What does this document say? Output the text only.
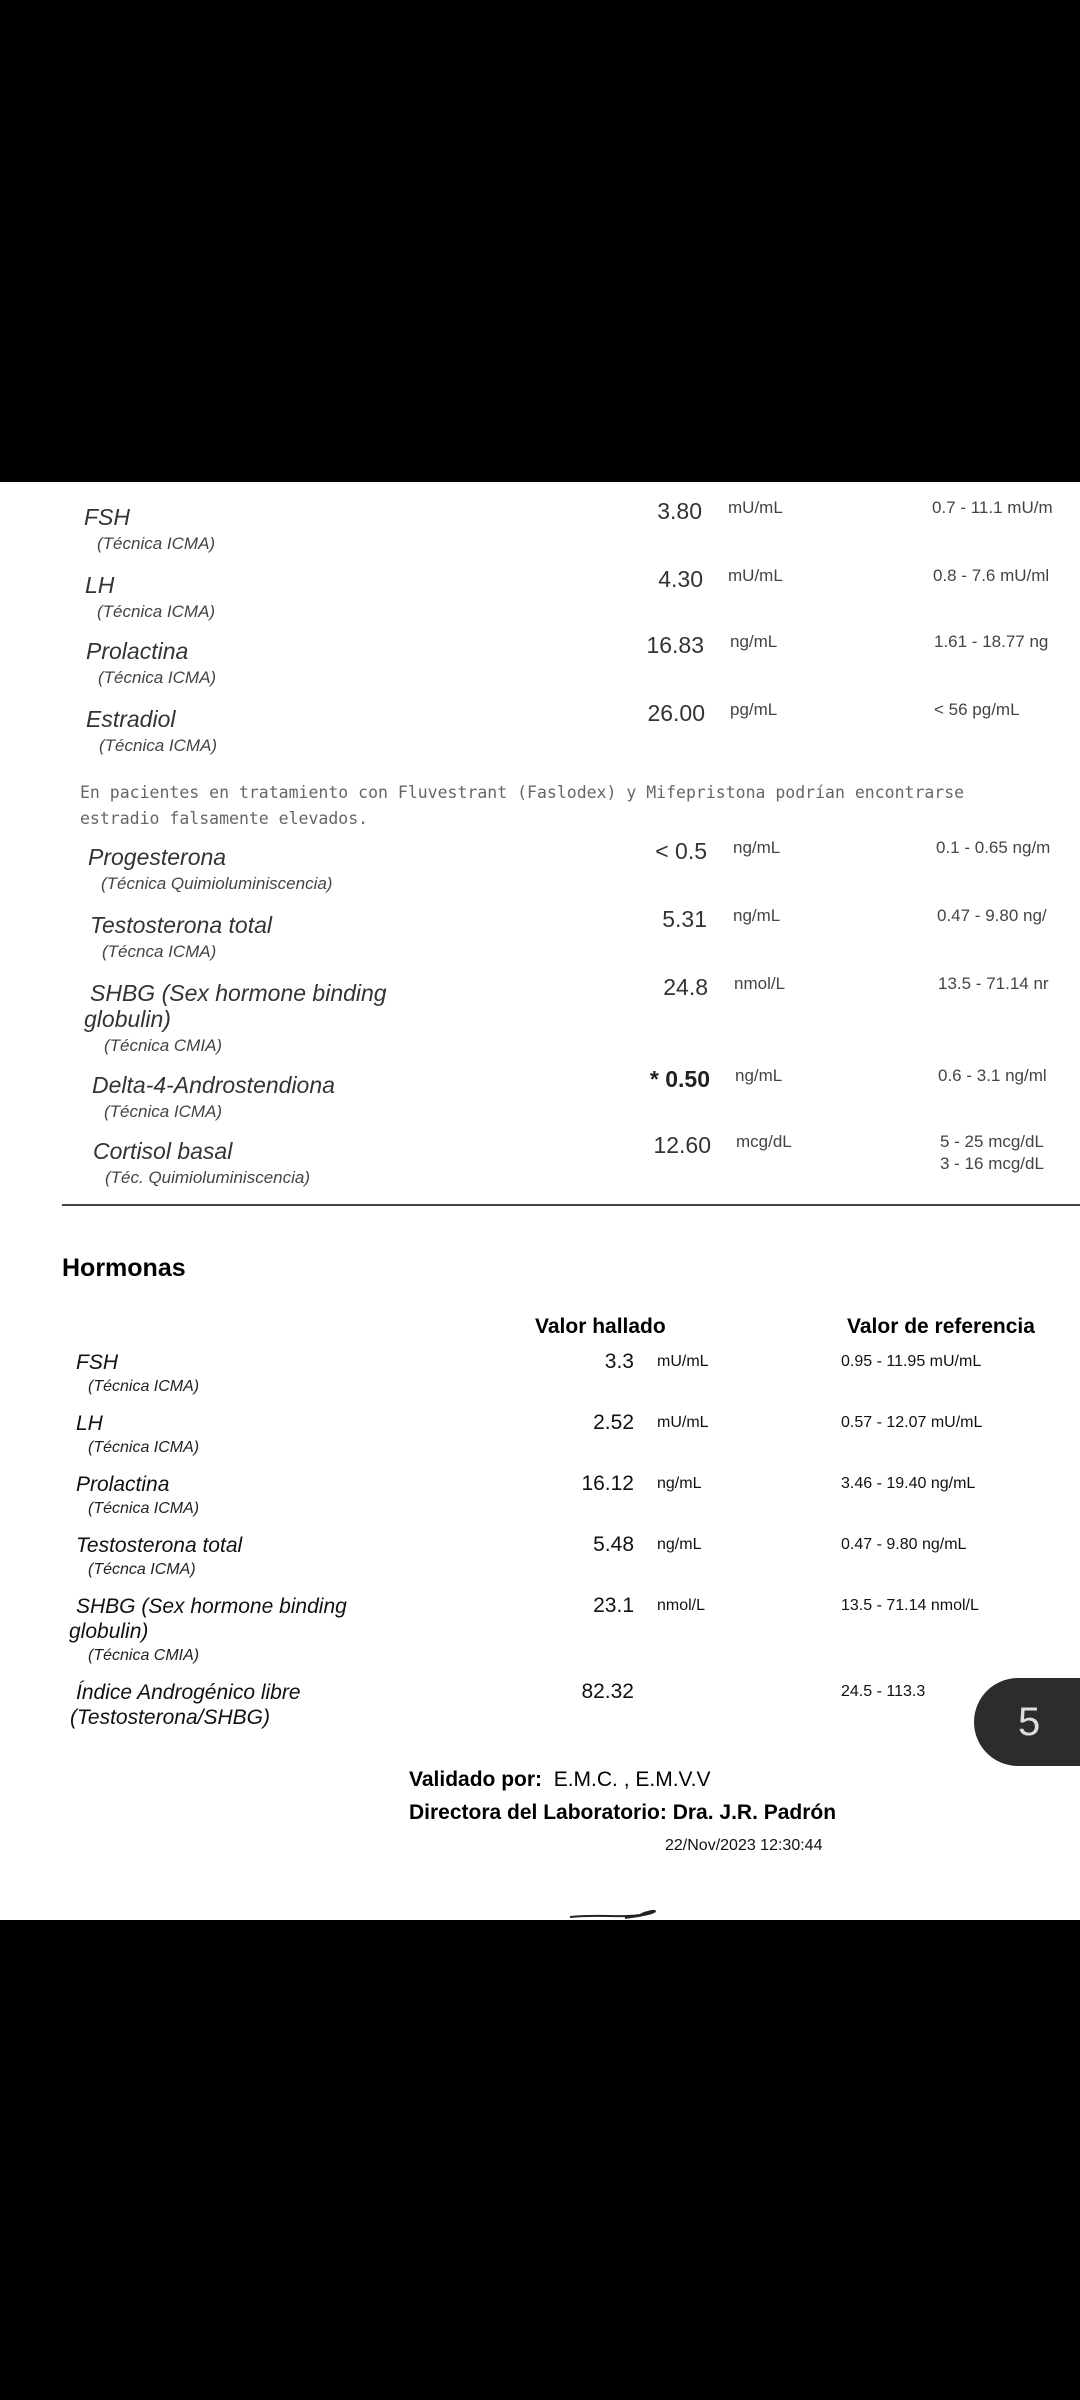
FSH
(Técnica ICMA)
3.80 mU/mL	0.7 - 11.1 mU/m
LH
(Técnica ICMA)
4.30 mU/mL	0.8 - 7.6 mU/ml
Prolactina
(Técnica ICMA)
16.83 ng/mL	1.61 - 18.77 ng
Estradiol
(Técnica ICMA)
26.00 pg/mL	< 56 pg/mL
En pacientes en tratamiento con Fluvestrant (Faslodex) y Mifepristona podrían encontrarse
estradio falsamente elevados.
Progesterona
(Técnica Quimioluminiscencia)
< 0.5 ng/mL	0.1 - 0.65 ng/m
Testosterona total
(Técnca ICMA)
5.31 ng/mL	0.47 - 9.80 ng/
SHBG (Sex hormone binding
globulin)
(Técnica CMIA)
24.8 nmol/L	13.5 - 71.14 nr
Delta-4-Androstendiona
(Técnica ICMA)
* 0.50 ng/mL	0.6 - 3.1 ng/ml
Cortisol basal
(Téc. Quimioluminiscencia)
12.60 mcg/dL	5 - 25 mcg/dL
3 - 16 mcg/dL
Hormonas
Valor hallado	Valor de referencia
FSH
(Técnica ICMA)
3.3 mU/mL	0.95 - 11.95 mU/mL
LH
(Técnica ICMA)
2.52 mU/mL	0.57 - 12.07 mU/mL
Prolactina
(Técnica ICMA)
16.12 ng/mL	3.46 - 19.40 ng/mL
Testosterona total
(Técnca ICMA)
5.48 ng/mL	0.47 - 9.80 ng/mL
SHBG (Sex hormone binding
globulin)
(Técnica CMIA)
23.1 nmol/L	13.5 - 71.14 nmol/L
Índice Androgénico libre
(Testosterona/SHBG)
82.32	24.5 - 113.3
Validado por: E.M.C. , E.M.V.V
Directora del Laboratorio: Dra. J.R. Padrón
22/Nov/2023 12:30:44
5
